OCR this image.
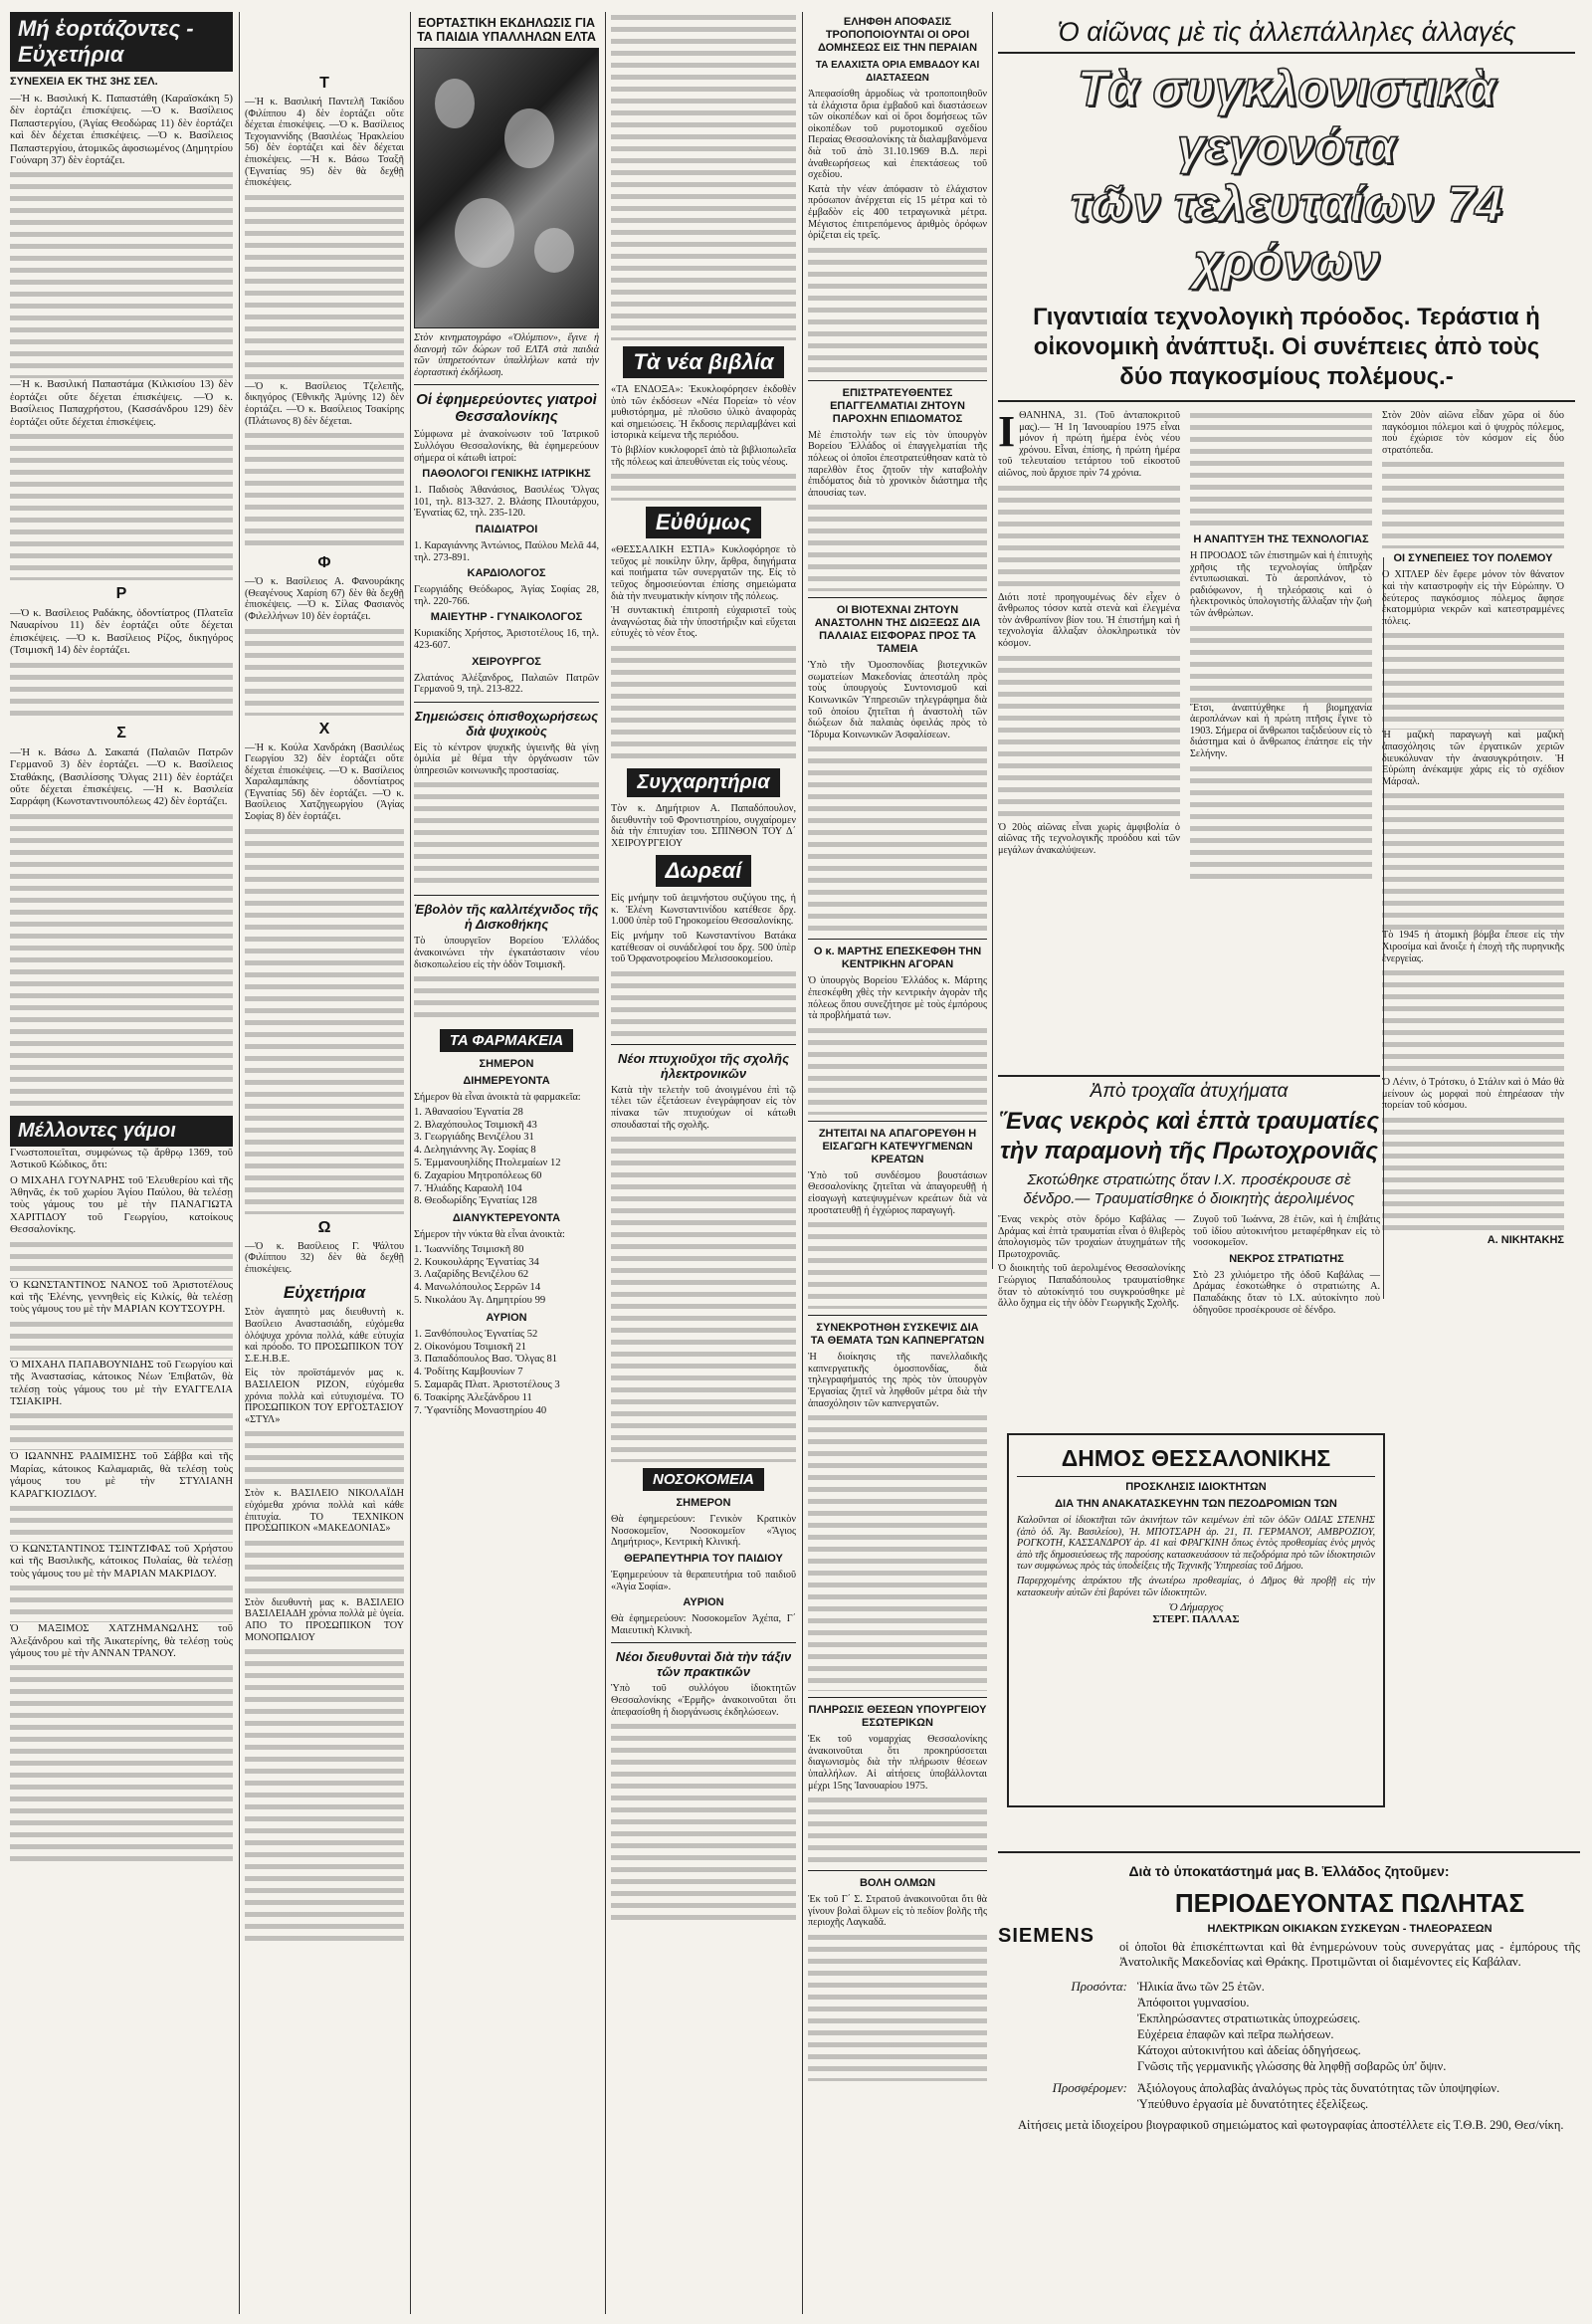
Μή ἑορτάζοντες - Εὐχετήρια
ΣΥΝΕΧΕΙΑ ΕΚ ΤΗΣ 3ΗΣ ΣΕΛ.

—Ἡ κ. Βασιλική Κ. Παπαστάθη (Καραϊσκάκη 5) δὲν ἑορτάζει ἐπισκέψεις. —Ὁ κ. Βασίλειος Παπαστεργίου, (Ἁγίας Θεοδώρας 11) δὲν ἑορτάζει καὶ δὲν δέχεται ἐπισκέψεις. —Ὁ κ. Βασίλειος Παπαστεργίου, ἀτομικῶς ἀφοσιωμένος (Δημητρίου Γούναρη 37) δὲν ἑορτάζει.

—Ἡ κ. Βασιλική Παπαστάμα (Κιλκισίου 13) δὲν ἑορτάζει οὔτε δέχεται ἐπισκέψεις. —Ὁ κ. Βασίλειος Παπαχρήστου, (Κασσάνδρου 129) δὲν ἑορτάζει οὔτε δέχεται ἐπισκέψεις.

Ρ

—Ὁ κ. Βασίλειος Ραδάκης, ὀδοντίατρος (Πλατεῖα Ναυαρίνου 11) δὲν ἑορτάζει οὔτε δέχεται ἐπισκέψεις. —Ὁ κ. Βασίλειος Ρίζος, δικηγόρος (Τσιμισκῆ 14) δὲν ἑορτάζει.

Σ

—Ἡ κ. Βάσω Δ. Σακαπά (Παλαιῶν Πατρῶν Γερμανοῦ 3) δὲν ἑορτάζει. —Ὁ κ. Βασίλειος Σταθάκης, (Βασιλίσσης Ὄλγας 211) δὲν ἑορτάζει οὔτε δέχεται ἐπισκέψεις. —Ἡ κ. Βασιλεία Σαρράφη (Κωνσταντινουπόλεως 42) δὲν ἑορτάζει.

Μέλλοντες γάμοι

Γνωστοποιεῖται, συμφώνως τῷ ἄρθρῳ 1369, τοῦ Ἀστικοῦ Κώδικος, ὅτι:

Ο ΜΙΧΑΗΛ ΓΟΥΝΑΡΗΣ τοῦ Ἐλευθερίου καὶ τῆς Ἀθηνᾶς, ἐκ τοῦ χωρίου Ἁγίου Παύλου, θὰ τελέσῃ τοὺς γάμους του μὲ τὴν ΠΑΝΑΓΙΩΤΑ ΧΑΡΙΤΙΔΟΥ τοῦ Γεωργίου, κατοίκους Θεσσαλονίκης.

Ὁ ΚΩΝΣΤΑΝΤΙΝΟΣ ΝΑΝΟΣ τοῦ Ἀριστοτέλους καὶ τῆς Ἑλένης, γεννηθεὶς εἰς Κιλκίς, θὰ τελέσῃ τοὺς γάμους του μὲ τὴν ΜΑΡΙΑΝ ΚΟΥΤΣΟΥΡΗ.

Ὁ ΜΙΧΑΗΛ ΠΑΠΑΒΟΥΝΙΔΗΣ τοῦ Γεωργίου καὶ τῆς Ἀναστασίας, κάτοικος Νέων Ἐπιβατῶν, θὰ τελέσῃ τοὺς γάμους του μὲ τὴν ΕΥΑΓΓΕΛΙΑ ΤΣΙΑΚΙΡΗ.

Ὁ ΙΩΑΝΝΗΣ ΡΑΔΙΜΙΣΗΣ τοῦ Σάββα καὶ τῆς Μαρίας, κάτοικος Καλαμαριᾶς, θὰ τελέσῃ τοὺς γάμους του μὲ τὴν ΣΤΥΛΙΑΝΗ ΚΑΡΑΓΚΙΟΖΙΔΟΥ.

Ὁ ΚΩΝΣΤΑΝΤΙΝΟΣ ΤΣΙΝΤΖΙΦΑΣ τοῦ Χρήστου καὶ τῆς Βασιλικῆς, κάτοικος Πυλαίας, θὰ τελέσῃ τοὺς γάμους του μὲ τὴν ΜΑΡΙΑΝ ΜΑΚΡΙΔΟΥ.

Ὁ ΜΑΞΙΜΟΣ ΧΑΤΖΗΜΑΝΩΛΗΣ τοῦ Ἀλεξάνδρου καὶ τῆς Ἀικατερίνης, θὰ τελέσῃ τοὺς γάμους του μὲ τὴν ΑΝΝΑΝ ΤΡΑΝΟΥ.

Τ

—Ἡ κ. Βασιλική Παντελῆ Τακίδου (Φιλίππου 4) δὲν ἑορτάζει οὔτε δέχεται ἐπισκέψεις. —Ὁ κ. Βασίλειος Τεχογιαννίδης (Βασιλέως Ἡρακλείου 56) δὲν ἑορτάζει καὶ δὲν δέχεται ἐπισκέψεις. —Ἡ κ. Βάσω Τσαξῆ (Ἐγνατίας 95) δὲν θὰ δεχθῇ ἐπισκέψεις.

—Ὁ κ. Βασίλειος Τζελεπῆς, δικηγόρος (Ἐθνικῆς Ἀμύνης 12) δὲν ἑορτάζει. —Ὁ κ. Βασίλειος Τσακίρης (Πλάτωνος 8) δὲν δέχεται.

Φ

—Ὁ κ. Βασίλειος Α. Φανουράκης (Θεαγένους Χαρίση 67) δὲν θὰ δεχθῇ ἐπισκέψεις. —Ὁ κ. Σίλας Φασιανὸς (Φιλελλήνων 10) δὲν ἑορτάζει.

Χ

—Ἡ κ. Κούλα Χανδράκη (Βασιλέως Γεωργίου 32) δὲν ἑορτάζει οὔτε δέχεται ἐπισκέψεις. —Ὁ κ. Βασίλειος Χαραλαμπάκης ὀδοντίατρος (Ἐγνατίας 56) δὲν ἑορτάζει. —Ὁ κ. Βασίλειος Χατζηγεωργίου (Ἀγίας Σοφίας 8) δὲν ἑορτάζει.

Ω

—Ὁ κ. Βασίλειος Γ. Ψάλτου (Φιλίππου 32) δὲν θὰ δεχθῇ ἐπισκέψεις.

Εὐχετήρια

Στὸν ἀγαπητὸ μας διευθυντὴ κ. Βασίλειο Αναστασιάδη, εὐχόμεθα ὁλόψυχα χρόνια πολλά, κάθε εὐτυχία καὶ πρόοδο. ΤΟ ΠΡΟΣΩΠΙΚΟΝ ΤΟΥ Σ.Ε.Η.Β.Ε.

Εἰς τὸν προϊστάμενόν μας κ. ΒΑΣΙΛΕΙΟΝ ΡΙΖΟΝ, εὐχόμεθα χρόνια πολλὰ καὶ εὐτυχισμένα. ΤΟ ΠΡΟΣΩΠΙΚΟΝ ΤΟΥ ΕΡΓΟΣΤΑΣΙΟΥ «ΣΤΥΛ»

Στὸν κ. ΒΑΣΙΛΕΙΟ ΝΙΚΟΛΑΪΔΗ εὐχόμεθα χρόνια πολλὰ καὶ κάθε ἐπιτυχία. ΤΟ ΤΕΧΝΙΚΟΝ ΠΡΟΣΩΠΙΚΟΝ «ΜΑΚΕΔΟΝΙΑΣ»

Στὸν διευθυντὴ μας κ. ΒΑΣΙΛΕΙΟ ΒΑΣΙΛΕΙΑΔΗ χρόνια πολλὰ μὲ ὑγεία. ΑΠΟ ΤΟ ΠΡΟΣΩΠΙΚΟΝ ΤΟΥ ΜΟΝΟΠΩΛΙΟΥ

ΕΟΡΤΑΣΤΙΚΗ ΕΚΔΗΛΩΣΙΣ ΓΙΑ ΤΑ ΠΑΙΔΙΑ ΥΠΑΛΛΗΛΩΝ ΕΛΤΑ

Στὸν κινηματογράφο «Ὀλύμπιον», ἔγινε ἡ διανομὴ τῶν δώρων τοῦ ΕΛΤΑ στὰ παιδιὰ τῶν ὑπηρετούντων ὑπαλλήλων κατὰ τὴν ἐορταστικὴ ἐκδήλωση.

Οἱ ἐφημερεύοντες γιατροὶ Θεσσαλονίκης

Σύμφωνα μὲ ἀνακοίνωσιν τοῦ Ἰατρικοῦ Συλλόγου Θεσσαλονίκης, θὰ ἐφημερεύουν σήμερα οἱ κάτωθι ἰατροί:

ΠΑΘΟΛΟΓΟΙ ΓΕΝΙΚΗΣ ΙΑΤΡΙΚΗΣ

1. Παδισὸς Ἀθανάσιος, Βασιλέως Ὄλγας 101, τηλ. 813-327. 2. Βλάσης Πλουτάρχου, Ἐγνατίας 62, τηλ. 235-120.

ΠΑΙΔΙΑΤΡΟΙ

1. Καραγιάννης Ἀντώνιος, Παύλου Μελᾶ 44, τηλ. 273-891.

ΚΑΡΔΙΟΛΟΓΟΣ

Γεωργιάδης Θεόδωρος, Ἀγίας Σοφίας 28, τηλ. 220-766.

ΜΑΙΕΥΤΗΡ - ΓΥΝΑΙΚΟΛΟΓΟΣ

Κυριακίδης Χρήστος, Ἀριστοτέλους 16, τηλ. 423-607.

ΧΕΙΡΟΥΡΓΟΣ

Ζλατάνος Ἀλέξανδρος, Παλαιῶν Πατρῶν Γερμανοῦ 9, τηλ. 213-822.

Σημειώσεις ὁπισθοχωρήσεως διὰ ψυχικοὺς

Εἰς τὸ κέντρον ψυχικῆς ὑγιεινῆς θὰ γίνῃ ὁμιλία μὲ θέμα τὴν ὀργάνωσιν τῶν ὑπηρεσιῶν κοινωνικῆς προστασίας.

Ἐβολὸν τῆς καλλιτέχνιδος τῆς ἡ Δισκοθήκης

Τὸ ὑπουργεῖον Βορείου Ἑλλάδος ἀνακοινώνει τὴν ἐγκατάστασιν νέου δισκοπωλείου εἰς τὴν ὁδὸν Τσιμισκῆ.

ΤΑ ΦΑΡΜΑΚΕΙΑ
ΣΗΜΕΡΟΝ
ΔΙΗΜΕΡΕΥΟΝΤΑ

Σήμερον θὰ εἶναι ἀνοικτὰ τὰ φαρμακεῖα:

1. Ἀθανασίου Ἐγνατία 28
2. Βλαχόπουλος Τσιμισκῆ 43
3. Γεωργιάδης Βενιζέλου 31
4. Δεληγιάννης Ἀγ. Σοφίας 8
5. Ἐμμανουηλίδης Πτολεμαίων 12
6. Ζαχαρίου Μητροπόλεως 60
7. Ἠλιάδης Καραολῆ 104
8. Θεοδωρίδης Ἐγνατίας 128
ΔΙΑΝΥΚΤΕΡΕΥΟΝΤΑ

Σήμερον τὴν νύκτα θὰ εἶναι ἀνοικτὰ:

1. Ἰωαννίδης Τσιμισκῆ 80
2. Κουκουλάρης Ἐγνατίας 34
3. Λαζαρίδης Βενιζέλου 62
4. Μανωλόπουλος Σερρῶν 14
5. Νικολάου Ἀγ. Δημητρίου 99
ΑΥΡΙΟΝ
1. Ξανθόπουλος Ἐγνατίας 52
2. Οἰκονόμου Τσιμισκῆ 21
3. Παπαδόπουλος Βασ. Ὄλγας 81
4. Ῥοδίτης Καμβουνίων 7
5. Σαμαρᾶς Πλατ. Ἀριστοτέλους 3
6. Τσακίρης Ἀλεξάνδρου 11
7. Ὑφαντίδης Μοναστηρίου 40
Τὰ νέα βιβλία

«ΤΑ ΕΝΔΟΞΑ»: Ἐκυκλοφόρησεν ἐκδοθὲν ὑπὸ τῶν ἐκδόσεων «Νέα Πορεία» τὸ νέον μυθιστόρημα, μὲ πλοῦσιο ὑλικὸ ἀναφορὰς καὶ σημειώσεις. Ἡ ἔκδοσις περιλαμβάνει καὶ ἱστορικὰ κείμενα τῆς περιόδου.

Τὸ βιβλίον κυκλοφορεῖ ἀπὸ τὰ βιβλιοπωλεῖα τῆς πόλεως καὶ ἀπευθύνεται εἰς τοὺς νέους.

Εὐθύμως

«ΘΕΣΣΑΛΙΚΗ ΕΣΤΙΑ» Κυκλοφόρησε τὸ τεῦχος μὲ ποικίλην ὕλην, ἄρθρα, διηγήματα καὶ ποιήματα τῶν συνεργατῶν της. Εἰς τὸ τεῦχος δημοσιεύονται ἐπίσης σημειώματα διὰ τὴν πνευματικὴν κίνησιν τῆς πόλεως.

Ἡ συντακτικὴ ἐπιτροπὴ εὐχαριστεῖ τοὺς ἀναγνώστας διὰ τὴν ὑποστήριξιν καὶ εὔχεται εὐτυχὲς τὸ νέον ἔτος.

Συγχαρητήρια

Τὸν κ. Δημήτριον Α. Παπαδόπουλον, διευθυντὴν τοῦ Φροντιστηρίου, συγχαίρομεν διὰ τὴν ἐπιτυχίαν του. ΣΠΙΝΘΟΝ ΤΟΥ Δ΄ ΧΕΙΡΟΥΡΓΕΙΟΥ

Δωρεαί

Εἰς μνήμην τοῦ ἀειμνήστου συζύγου της, ἡ κ. Ἑλένη Κωνσταντινίδου κατέθεσε δρχ. 1.000 ὑπὲρ τοῦ Γηροκομείου Θεσσαλονίκης.

Εἰς μνήμην τοῦ Κωνσταντίνου Βατάκα κατέθεσαν οἱ συνάδελφοί του δρχ. 500 ὑπὲρ τοῦ Ὀρφανοτροφείου Μελισσοκομείου.

Νέοι πτυχιοῦχοι τῆς σχολῆς ἠλεκτρονικῶν

Κατὰ τὴν τελετὴν τοῦ ἀνοιγμένου ἐπὶ τῷ τέλει τῶν ἐξετάσεων ἐνεγράφησαν εἰς τὸν πίνακα τῶν πτυχιούχων οἱ κάτωθι σπουδασταί τῆς σχολῆς.

ΝΟΣΟΚΟΜΕΙΑ
ΣΗΜΕΡΟΝ

Θὰ ἐφημερεύουν: Γενικὸν Κρατικὸν Νοσοκομεῖον, Νοσοκομεῖον «Ἅγιος Δημήτριος», Κεντρικὴ Κλινική.

ΘΕΡΑΠΕΥΤΗΡΙΑ ΤΟΥ ΠΑΙΔΙΟΥ

Ἐφημερεύουν τὰ θεραπευτήρια τοῦ παιδιοῦ «Ἁγία Σοφία».

ΑΥΡΙΟΝ

Θὰ ἐφημερεύουν: Νοσοκομεῖον Ἀχέπα, Γ΄ Μαιευτικὴ Κλινικὴ.

Νέοι διευθυνταὶ διὰ τὴν τάξιν τῶν πρακτικῶν

Ὑπὸ τοῦ συλλόγου ἰδιοκτητῶν Θεσσαλονίκης «Ἑρμῆς» ἀνακοινοῦται ὅτι ἀπεφασίσθη ἡ διοργάνωσις ἐκδηλώσεων.

ΕΛΗΦΘΗ ΑΠΟΦΑΣΙΣ ΤΡΟΠΟΠΟΙΟΥΝΤΑΙ ΟΙ ΟΡΟΙ ΔΟΜΗΣΕΩΣ ΕΙΣ ΤΗΝ ΠΕΡΑΙΑΝ
ΤΑ ΕΛΑΧΙΣΤΑ ΟΡΙΑ ΕΜΒΑΔΟΥ ΚΑΙ ΔΙΑΣΤΑΣΕΩΝ

Ἀπεφασίσθη ἁρμοδίως νὰ τροποποιηθοῦν τὰ ἐλάχιστα ὅρια ἐμβαδοῦ καὶ διαστάσεων τῶν οἰκοπέδων καὶ οἱ ὅροι δομήσεως τῶν οἰκοπέδων τοῦ ρυμοτομικοῦ σχεδίου Περαίας Θεσσαλονίκης τὰ διαλαμβανόμενα διὰ τοῦ ἀπὸ 31.10.1969 Β.Δ. περὶ ἀναθεωρήσεως καὶ ἐπεκτάσεως τοῦ σχεδίου.

Κατὰ τὴν νέαν ἀπόφασιν τὸ ἐλάχιστον πρόσωπον ἀνέρχεται εἰς 15 μέτρα καὶ τὸ ἐμβαδὸν εἰς 400 τετραγωνικὰ μέτρα. Μέγιστος ἐπιτρεπόμενος ἀριθμὸς ὀρόφων ὁρίζεται εἰς τρεῖς.

ΕΠΙΣΤΡΑΤΕΥΘΕΝΤΕΣ ΕΠΑΓΓΕΛΜΑΤΙΑΙ ΖΗΤΟΥΝ ΠΑΡΟΧΗΝ ΕΠΙΔΟΜΑΤΟΣ

Μὲ ἐπιστολήν των εἰς τὸν ὑπουργὸν Βορείου Ἑλλάδος οἱ ἐπαγγελματίαι τῆς πόλεως οἱ ὁποῖοι ἐπεστρατεύθησαν κατὰ τὸ παρελθὸν ἔτος ζητοῦν τὴν καταβολὴν ἐπιδόματος διὰ τὸ χρονικὸν διάστημα τῆς ἀπουσίας των.

ΟΙ ΒΙΟΤΕΧΝΑΙ ΖΗΤΟΥΝ ΑΝΑΣΤΟΛΗΝ ΤΗΣ ΔΙΩΞΕΩΣ ΔΙΑ ΠΑΛΑΙΑΣ ΕΙΣΦΟΡΑΣ ΠΡΟΣ ΤΑ ΤΑΜΕΙΑ

Ὑπὸ τῆν Ὁμοσπονδίας βιοτεχνικῶν σωματείων Μακεδονίας ἀπεστάλη πρὸς τοὺς ὑπουργοὺς Συντονισμοῦ καὶ Κοινωνικῶν Ὑπηρεσιῶν τηλεγράφημα διὰ τοῦ ὁποίου ζητεῖται ἡ ἀναστολὴ τῶν διώξεων διὰ παλαιὰς ὀφειλάς πρὸς τὸ Ἵδρυμα Κοινωνικῶν Ἀσφαλίσεων.

Ο κ. ΜΑΡΤΗΣ ΕΠΕΣΚΕΦΘΗ ΤΗΝ ΚΕΝΤΡΙΚΗΝ ΑΓΟΡΑΝ

Ὁ ὑπουργὸς Βορείου Ἑλλάδος κ. Μάρτης ἐπεσκέφθη χθὲς τὴν κεντρικὴν ἀγορὰν τῆς πόλεως ὅπου συνεζήτησε μὲ τοὺς ἐμπόρους τὰ προβλήματά των.

ΖΗΤΕΙΤΑΙ ΝΑ ΑΠΑΓΟΡΕΥΘΗ Η ΕΙΣΑΓΩΓΗ ΚΑΤΕΨΥΓΜΕΝΩΝ ΚΡΕΑΤΩΝ

Ὑπὸ τοῦ συνδέσμου βουστάσιων Θεσσαλονίκης ζητεῖται νὰ ἀπαγορευθῇ ἡ εἰσαγωγὴ κατεψυγμένων κρεάτων διὰ νὰ προστατευθῇ ἡ ἐγχώριος παραγωγή.

ΣΥΝΕΚΡΟΤΗΘΗ ΣΥΣΚΕΨΙΣ ΔΙΑ ΤΑ ΘΕΜΑΤΑ ΤΩΝ ΚΑΠΝΕΡΓΑΤΩΝ

Ἡ διοίκησις τῆς πανελλαδικῆς καπνεργατικῆς ὁμοσπονδίας, διὰ τηλεγραφήματός της πρὸς τὸν ὑπουργὸν Ἐργασίας ζητεῖ νὰ ληφθοῦν μέτρα διὰ τὴν ἀπασχόλησιν τῶν καπνεργατῶν.

ΠΛΗΡΩΣΙΣ ΘΕΣΕΩΝ ΥΠΟΥΡΓΕΙΟΥ ΕΣΩΤΕΡΙΚΩΝ

Ἐκ τοῦ νομαρχίας Θεσσαλονίκης ἀνακοινοῦται ὅτι προκηρύσσεται διαγωνισμὸς διὰ τὴν πλήρωσιν θέσεων ὑπαλλήλων. Αἱ αἰτήσεις ὑποβάλλονται μέχρι 15ης Ἰανουαρίου 1975.

ΒΟΛΗ ΟΛΜΩΝ

Ἐκ τοῦ Γ΄ Σ. Στρατοῦ ἀνακοινοῦται ὅτι θὰ γίνουν βολαὶ ὅλμων εἰς τὸ πεδίον βολῆς τῆς περιοχῆς Λαγκαδᾶ.

Ὁ αἰῶνας μὲ τὶς ἀλλεπάλληλες ἀλλαγές
Τὰ συγκλονιστικὰ γεγονότα
τῶν τελευταίων 74 χρόνων
Γιγαντιαία τεχνολογικὴ πρόοδος. Τεράστια ἡ οἰκονομικὴ ἀνάπτυξι. Οἱ συνέπειες ἀπὸ τοὺς δύο παγκοσμίους πολέμους.-
Ι ΘΑΝΗΝΑ, 31. (Τοῦ ἀνταποκριτοῦ μας).— Ἡ 1η Ἰανουαρίου 1975 εἶναι μόνον ἡ πρώτη ἡμέρα ἑνὸς νέου χρόνου. Εἶναι, ἐπίσης, ἡ πρώτη ἡμέρα τοῦ τελευταίου τετάρτου τοῦ εἰκοστοῦ αἰῶνος, ποὺ ἄρχισε πρὶν 74 χρόνια.

Διότι ποτὲ προηγουμένως δὲν εἶχεν ὁ ἄνθρωπος τόσον κατὰ στενὰ καὶ ἐλεγμένα τὸν ἀνθρωπίνον βίον του. Ἡ ἐπιστήμη καὶ ἡ τεχνολογία ἄλλαξαν ὁλοκληρωτικὰ τὸν κόσμον.

Ὁ 20ὸς αἰῶνας εἶναι χωρὶς ἀμφιβολία ὁ αἰῶνας τῆς τεχνολογικῆς προόδου καὶ τῶν μεγάλων ἀνακαλύψεων.

Η ΑΝΑΠΤΥΞΗ ΤΗΣ ΤΕΧΝΟΛΟΓΙΑΣ

Η ΠΡΟΟΔΟΣ τῶν ἐπιστημῶν καὶ ἡ ἐπιτυχὴς χρῆσις τῆς τεχνολογίας ὑπῆρξαν ἐντυπωσιακαὶ. Τὸ ἀεροπλάνον, τὸ ραδιόφωνον, ἡ τηλεόρασις καὶ ὁ ἠλεκτρονικὸς ὑπολογιστὴς ἄλλαξαν τὴν ζωὴ τῶν ἀνθρώπων.

Ἔτσι, ἀναπτύχθηκε ἡ βιομηχανία ἀεροπλάνων καὶ ἡ πρώτη πτῆσις ἔγινε τὸ 1903. Σήμερα οἱ ἄνθρωποι ταξιδεύουν εἰς τὸ διάστημα καὶ ὁ ἄνθρωπος ἐπάτησε εἰς τὴν Σελήνην.

Στὸν 20ὸν αἰῶνα εἶδαν χῶρα οἱ δύο παγκόσμιοι πόλεμοι καὶ ὁ ψυχρὸς πόλεμος, ποὺ ἐχώρισε τὸν κόσμον εἰς δύο στρατόπεδα.

ΟΙ ΣΥΝΕΠΕΙΕΣ ΤΟΥ ΠΟΛΕΜΟΥ

Ο ΧΙΤΛΕΡ δὲν ἔφερε μόνον τὸν θάνατον καὶ τὴν καταστροφὴν εἰς τὴν Εὐρώπην. Ὁ δεύτερος παγκόσμιος πόλεμος ἄφησε ἐκατομμύρια νεκρῶν καὶ κατεστραμμένες πόλεις.

Ἡ μαζικὴ παραγωγὴ καὶ μαζικὴ ἀπασχόλησις τῶν ἐργατικῶν χεριῶν διευκόλυναν τὴν ἀνασυγκρότησιν. Ἡ Εὐρώπη ἀνέκαμψε χάρις εἰς τὸ σχέδιον Μάρσαλ.

Τὸ 1945 ἡ ἀτομικὴ βόμβα ἔπεσε εἰς τὴν Χιροσίμα καὶ ἄνοιξε ἡ ἐποχὴ τῆς πυρηνικῆς ἐνεργείας.

Ὁ Λένιν, ὁ Τρότσκυ, ὁ Στάλιν καὶ ὁ Μάο θὰ μείνουν ὡς μορφαὶ ποὺ ἐπηρέασαν τὴν πορείαν τοῦ κόσμου.

Α. ΝΙΚΗΤΑΚΗΣ
Ἀπὸ τροχαῖα ἀτυχήματα
Ἕνας νεκρὸς καὶ ἑπτὰ τραυματίες τὴν παραμονὴ τῆς Πρωτοχρονιᾶς
Σκοτώθηκε στρατιώτης ὅταν Ι.Χ. προσέκρουσε σὲ δένδρο.— Τραυματίσθηκε ὁ διοικητὴς ἀερολιμένος

Ἕνας νεκρὸς στὸν δρόμο Καβάλας — Δράμας καὶ ἑπτὰ τραυματίαι εἶναι ὁ θλιβερὸς ἀπολογισμὸς τῶν τροχαίων ἀτυχημάτων τῆς Πρωτοχρονιᾶς.

Ὁ διοικητὴς τοῦ ἀερολιμένος Θεσσαλονίκης Γεώργιος Παπαδόπουλος τραυματίσθηκε ὅταν τὸ αὐτοκίνητό του συγκρούσθηκε μὲ ἄλλο ὄχημα εἰς τὴν ὁδὸν Γεωργικῆς Σχολῆς.

Ζυγοῦ τοῦ Ἰωάννα, 28 ἐτῶν, καὶ ἡ ἐπιβάτις τοῦ ἰδίου αὐτοκινήτου μεταφέρθηκαν εἰς τὸ νοσοκομεῖον.

ΝΕΚΡΟΣ ΣΤΡΑΤΙΩΤΗΣ

Στὸ 23 χιλιόμετρο τῆς ὁδοῦ Καβάλας — Δράμας ἐσκοτώθηκε ὁ στρατιώτης Α. Παπαδάκης ὅταν τὸ Ι.Χ. αὐτοκίνητο ποὺ ὁδηγοῦσε προσέκρουσε σὲ δένδρο.

ΔΗΜΟΣ ΘΕΣΣΑΛΟΝΙΚΗΣ
ΠΡΟΣΚΛΗΣΙΣ ΙΔΙΟΚΤΗΤΩΝ
ΔΙΑ ΤΗΝ ΑΝΑΚΑΤΑΣΚΕΥΗΝ ΤΩΝ ΠΕΖΟΔΡΟΜΙΩΝ ΤΩΝ

Καλοῦνται οἱ ἰδιοκτῆται τῶν ἀκινήτων τῶν κειμένων ἐπὶ τῶν ὁδῶν ΟΔΙΑΣ ΣΤΕΝΗΣ (ἀπὸ ὁδ. Ἁγ. Βασιλείου), Ἡ. ΜΠΟΤΣΑΡΗ ἀρ. 21, Π. ΓΕΡΜΑΝΟΥ, ΑΜΒΡΟΖΙΟΥ, ΡΟΓΚΟΤΗ, ΚΑΣΣΑΝΔΡΟΥ ἀρ. 41 καὶ ΦΡΑΓΚΙΝΗ ὅπως ἐντὸς προθεσμίας ἑνὸς μηνὸς ἀπὸ τῆς δημοσιεύσεως τῆς παρούσης κατασκευάσουν τὰ πεζοδρόμια πρὸ τῶν ἰδιοκτησιῶν των συμφώνως πρὸς τὰς ὑποδείξεις τῆς Τεχνικῆς Ὑπηρεσίας τοῦ Δήμου.

Παρερχομένης ἀπράκτου τῆς ἀνωτέρω προθεσμίας, ὁ Δῆμος θὰ προβῇ εἰς τὴν κατασκευὴν αὐτῶν ἐπὶ βαρύνει τῶν ἰδιοκτητῶν.

Ὁ Δήμαρχος
ΣΤΕΡΓ. ΠΑΛΛΑΣ
Διὰ τὸ ὑποκατάστημά μας Β. Ἑλλάδος ζητοῦμεν:
SIEMENS
ΠΕΡΙΟΔΕΥΟΝΤΑΣ ΠΩΛΗΤΑΣ
ΗΛΕΚΤΡΙΚΩΝ ΟΙΚΙΑΚΩΝ ΣΥΣΚΕΥΩΝ - ΤΗΛΕΟΡΑΣΕΩΝ

οἱ ὁποῖοι θὰ ἐπισκέπτωνται καὶ θὰ ἐνημερώνουν τοὺς συνεργάτας μας - ἐμπόρους τῆς Ἀνατολικῆς Μακεδονίας καὶ Θράκης. Προτιμῶνται οἱ διαμένοντες εἰς Καβάλαν.

Προσόντα: Ἡλικία ἄνω τῶν 25 ἐτῶν.
Ἀπόφοιτοι γυμνασίου.
Ἐκπληρώσαντες στρατιωτικὰς ὑποχρεώσεις.
Εὐχέρεια ἐπαφῶν καὶ πεῖρα πωλήσεων.
Κάτοχοι αὐτοκινήτου καὶ ἀδείας ὁδηγήσεως.
Γνῶσις τῆς γερμανικῆς γλώσσης θὰ ληφθῇ σοβαρῶς ὑπ' ὄψιν.
Προσφέρομεν: Ἀξιόλογους ἀπολαβὰς ἀναλόγως πρὸς τὰς δυνατότητας τῶν ὑποψηφίων.
Ὑπεύθυνο ἐργασία μὲ δυνατότητες ἐξελίξεως.

Αἰτήσεις μετὰ ἰδιοχείρου βιογραφικοῦ σημειώματος καὶ φωτογραφίας ἀποστέλλετε εἰς Τ.Θ.Β. 290, Θεσ/νίκη.
